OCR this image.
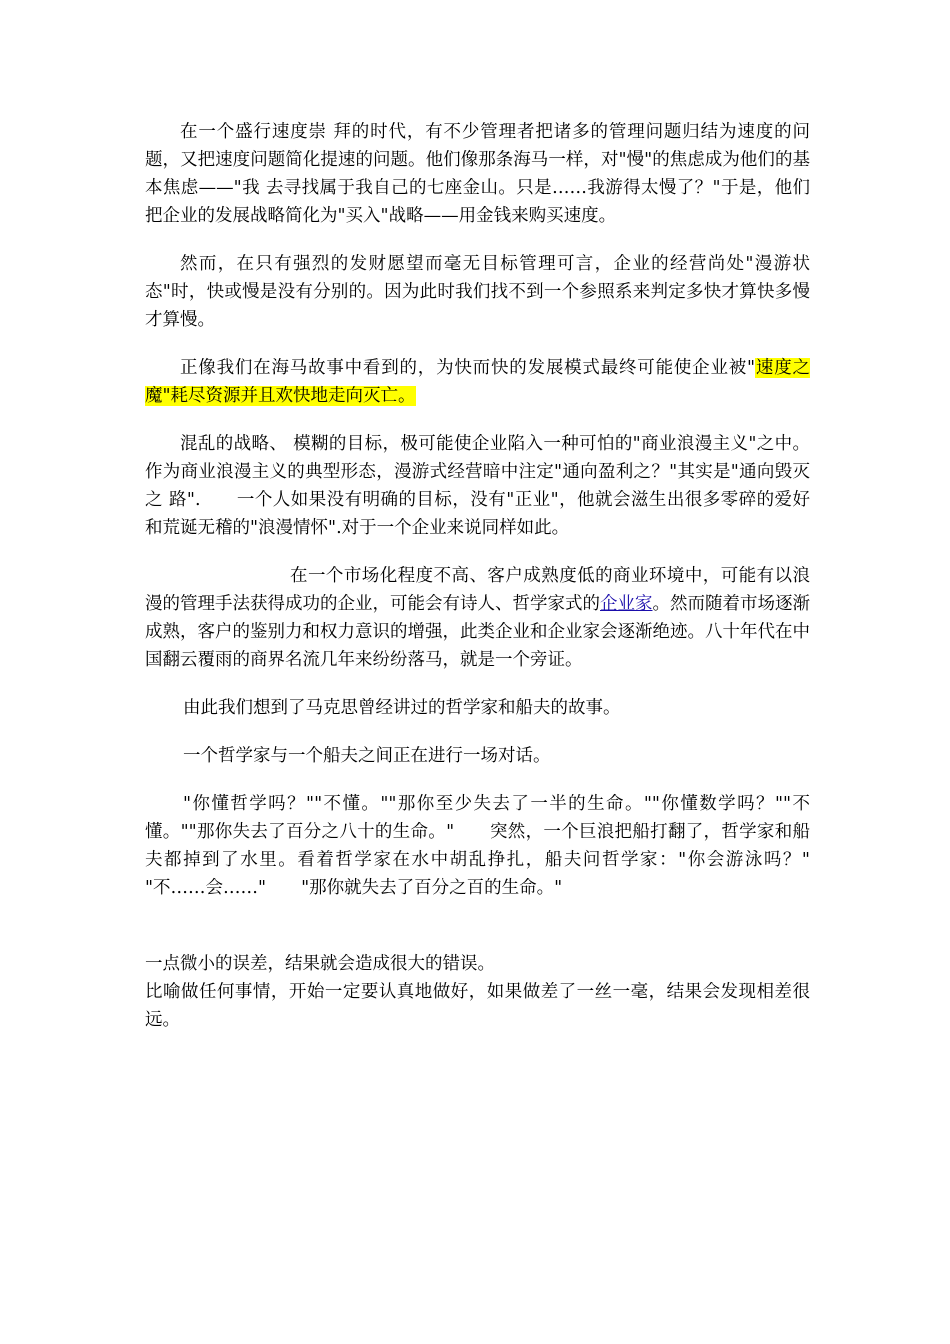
在一个盛行速度崇 拜的时代，有不少管理者把诸多的管理问题归结为速度的问题，又把速度问题简化提速的问题。他们像那条海马一样，对"慢"的焦虑成为他们的基本焦虑——"我 去寻找属于我自己的七座金山。只是……我游得太慢了？"于是，他们把企业的发展战略简化为"买入"战略——用金钱来购买速度。

然而，在只有强烈的发财愿望而毫无目标管理可言，企业的经营尚处"漫游状态"时，快或慢是没有分别的。因为此时我们找不到一个参照系来判定多快才算快多慢才算慢。

正像我们在海马故事中看到的，为快而快的发展模式最终可能使企业被"速度之魔"耗尽资源并且欢快地走向灭亡。

混乱的战略、 模糊的目标，极可能使企业陷入一种可怕的"商业浪漫主义"之中。作为商业浪漫主义的典型形态，漫游式经营暗中注定"通向盈利之？"其实是"通向毁灭之 路".　　一个人如果没有明确的目标，没有"正业"，他就会滋生出很多零碎的爱好和荒诞无稽的"浪漫情怀".对于一个企业来说同样如此。

在一个市场化程度不高、客户成熟度低的商业环境中，可能有以浪漫的管理手法获得成功的企业，可能会有诗人、哲学家式的企业家。然而随着市场逐渐成熟，客户的鉴别力和权力意识的增强，此类企业和企业家会逐渐绝迹。八十年代在中国翻云覆雨的商界名流几年来纷纷落马，就是一个旁证。

由此我们想到了马克思曾经讲过的哲学家和船夫的故事。

一个哲学家与一个船夫之间正在进行一场对话。

"你懂哲学吗？""不懂。""那你至少失去了一半的生命。""你懂数学吗？""不懂。""那你失去了百分之八十的生命。"　　突然，一个巨浪把船打翻了，哲学家和船夫都掉到了水里。看着哲学家在水中胡乱挣扎，船夫问哲学家："你会游泳吗？"　　"不……会……"　　"那你就失去了百分之百的生命。"

一点微小的误差，结果就会造成很大的错误。

比喻做任何事情，开始一定要认真地做好，如果做差了一丝一毫，结果会发现相差很远。
